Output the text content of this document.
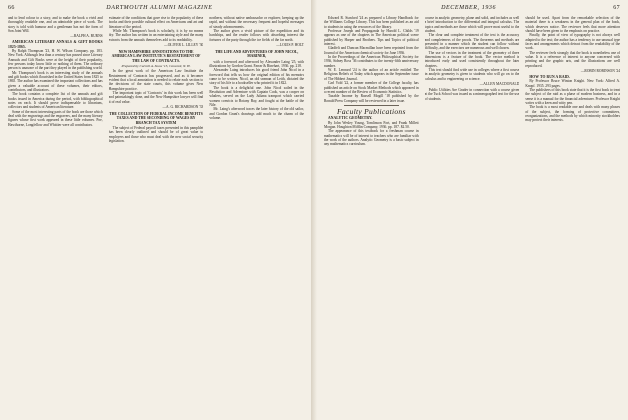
66	DARTMOUTH ALUMNI MAGAZINE

and to lend colour to a story, and to make the book a vivid and thoroughly readable one, and an admirable piece of work. The story is told with humour and a gentleman has not the form of Son Joint Will.

—RALPH A. BURNS

AMERICAN LITERARY ANNALS & GIFT BOOKS 1825-1865.

By Ralph Thompson '23, H. W. Wilson Company. pp. 183. New York. Although less than a century has passed since Literary Annuals and Gift Books were at the height of their popularity, few persons today know little or nothing of them. The ordinary person is unaware of the part they played in the publishing world.

Mr. Thompson's book is an interesting study of the annuals and gift books which flourished in the United States from 1825 to 1865. The author has examined the important collections and has given a valuable account of these volumes, their editors, contributors, and illustrators.

The book contains a complete list of the annuals and gift books issued in America during the period, with bibliographical notes on each. It should prove indispensable to librarians, collectors and students of American literature.

Some of the most interesting parts of the book are those which deal with the engravings and the engravers, and the many literary figures whose first work appeared in these little volumes. Poe, Hawthorne, Longfellow and Whittier were all contributors.

estimate of the conditions that gave rise to the popularity of these books and their possible cultural effect on Americans and art and literature of the period.

While Mr. Thompson's book is scholarly, it is by no means dry. The author has written in an entertaining style and the many extracts from the annuals themselves add to its readability.

—OLIVER L. LILLEY '30
NEW HAMPSHIRE ANNOTATIONS TO THE AMERICAN LAW INSTITUTE'S RESTATEMENT OF THE LAW OF CONTRACTS.
Prepared by Carroll A. Snow '15, Concord, N. H.

In the great work of the American Law Institute the Restatement of Contracts has progressed, and as it becomes evident that a local annotation is needed to relate each section to the decisions of the state courts, this volume gives New Hampshire practice.

The important topic of 'Contracts' in this work has been well and painstakingly done, and the New Hampshire lawyer will find it of real value.

—A. G. RICHARDSON '33
THE COLLECTION OF FEDERAL INCOME BENEFITS TAXES AND THE SECONDING OF WAGES BY BRANCH TAX SYSTEM

The subject of Federal payroll taxes presented in this pamphlet has been clearly outlined and should be of great value to employers and those who must deal with the new social security legislation.

northern, without native ambassador or explorer, keeping up the rapid, and without the necessary frequent and hopeful messages of steady advancements.

The author gives a vivid picture of the expedition and its hardships, and the reader follows with absorbing interest the fortunes of the party through the ice fields of the far north.

—LOUIS P. HOLT
THE LIFE AND ADVENTURES OF JOHN NICOL, MARINER,

with a foreword and afterword by Alexander Laing '25, with illustrations by Gordon Grant. Farrar & Rinehart, 1936. pp. 218.

Alexander Laing introduces his good friend John Nicol in a foreword that tells us how the original edition of his memoirs came to be written. Nicol, an old seaman of Leith, dictated the story of his life to a bookseller who printed it in 1822.

The book is a delightful one. John Nicol sailed in the Resolution and Adventure with Captain Cook, was a cooper on whalers, served on the Lady Juliana transport which carried women convicts to Botany Bay, and fought at the battle of the Nile.

Mr. Laing's afterword traces the later history of the old sailor, and Gordon Grant's drawings add much to the charm of the volume.

DECEMBER, 1936	67

Edward R. Stanford '24 as prepared a Library Handbook for the Williams College Library. This has been published as an aid to students in using the resources of the library.

Professor Joseph and Propaganda by Harold L. Childs '19 appears as one of the chapters in The American political scene published by Harper and Brothers. Tips and Topics of political interest.

Gladfelt and Duncan Macmillan have been reprinted from the Journal of the American chemical society for June 1936.

In the Proceedings of the American Philosophical Society for 1936, Sidney Ross '36 contributes to the twenty-fifth anniversary number.

W. E. Leonard '24 is the author of an article entitled The Religious Beliefs of Today which appears in the September issue of The Hibbert Journal.

Carl Vold '22, a former member of the College faculty, has published an article on Stock Market Methods which appeared in a recent number of the Review of Economic Statistics.

Taxable Income by Russell Mogill '18 published by the Ronald Press Company will be reviewed in a later issue.

Faculty Publications

ANALYTIC GEOMETRY.

By John Wesley Young, Tomlinson Fort, and Frank Millett Morgan. Houghton Mifflin Company, 1936. pp. 187. $2.50.

The appearance of this textbook for a freshman course in mathematics will be of interest to teachers who are familiar with the work of the authors. Analytic Geometry is a basic subject in any mathematics curriculum.

course in analytic geometry, plane and solid, and includes as well a brief introduction to the differential and integral calculus. The topics and methods are those which will prove most useful to the student.

The clear and complete treatment of the text is the accuracy and completeness of the proofs. The theorems and methods are presented in a manner which the student can follow without difficulty, and the exercises are numerous and well chosen.

The use of vectors in the treatment of the geometry of three dimensions is a feature of the book. The vector method is introduced early and used consistently throughout the later chapters.

This text should find wide use in colleges where a first course in analytic geometry is given to students who will go on to the calculus and to engineering or science.

—ALLEN MACDONALD

Public Utilities Are Grader in connection with a course given at the Tuck School was issued as a mimeographed text for the use of students.

should be used. Apart from the remarkable selection of the material there is a weakness in the general plan of the book, which deserves notice. The reviewer feels that more attention should have been given to the emphasis on practice.

Finally, the point of view of typography is not always well adapted to the text; the author has a tendency to use unusual type faces and arrangements which detract from the readability of the work.

The reviewer feels strongly that the book is nonetheless one of value. It is a reference of interest to anyone concerned with printing and the graphic arts, and the illustrations are well reproduced.

—ROBIN ROBINSON '24

HOW TO RUN A RAID.

By Professor Bruce Winton Knight. New York: Alfred A. Knopf. 1935. 293 pages.

The publishers of this book state that it is the first book to treat the subject of the raid as a phase of modern business, and in a sense it is a manual for the financial adventurer. Professor Knight writes with a keen and witty pen.

The book is a most readable one and deals with many phases of the subject, the forming of protective committees, reorganizations, and the methods by which minority stockholders may protect their interests.
